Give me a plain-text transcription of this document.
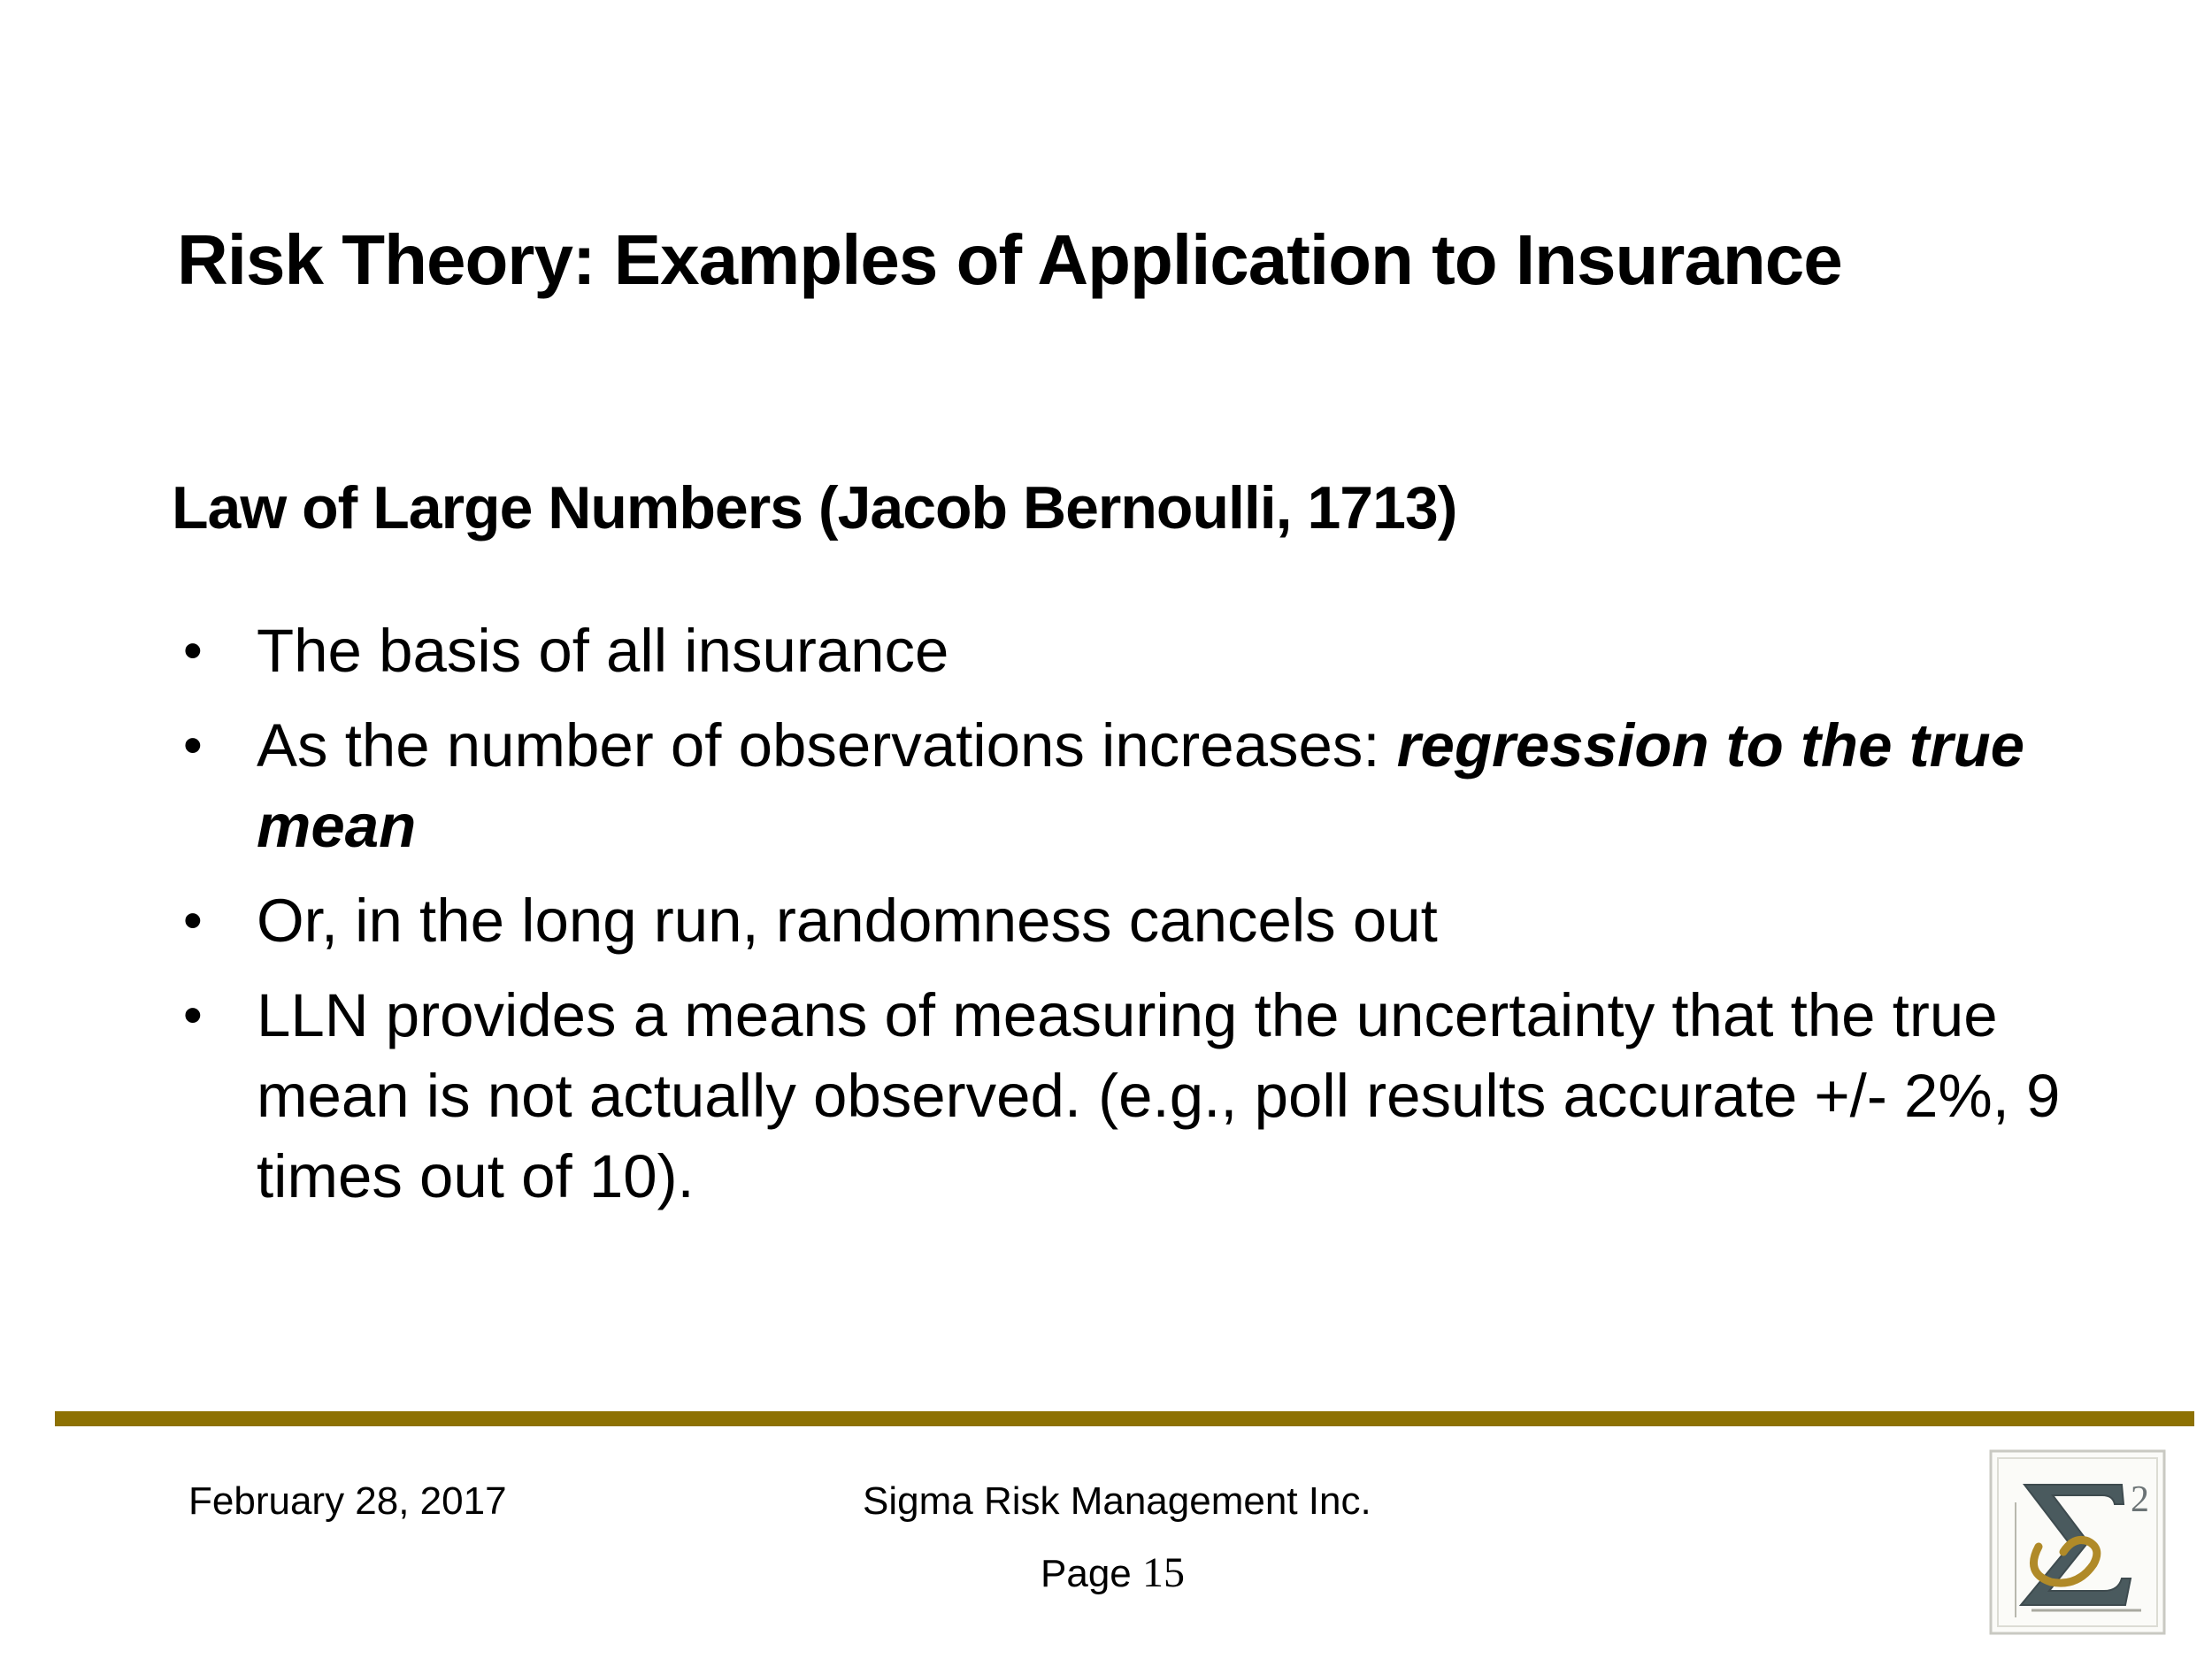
Risk Theory: Examples of Application to Insurance
Law of Large Numbers (Jacob Bernoulli, 1713)
• The basis of all insurance
• As the number of observations increases: regression to the true mean
• Or, in the long run, randomness cancels out
• LLN provides a means of measuring the uncertainty that the true mean is not actually observed. (e.g., poll results accurate +/- 2%, 9 times out of 10).
February 28, 2017	Sigma Risk Management Inc.
Page 15
2
